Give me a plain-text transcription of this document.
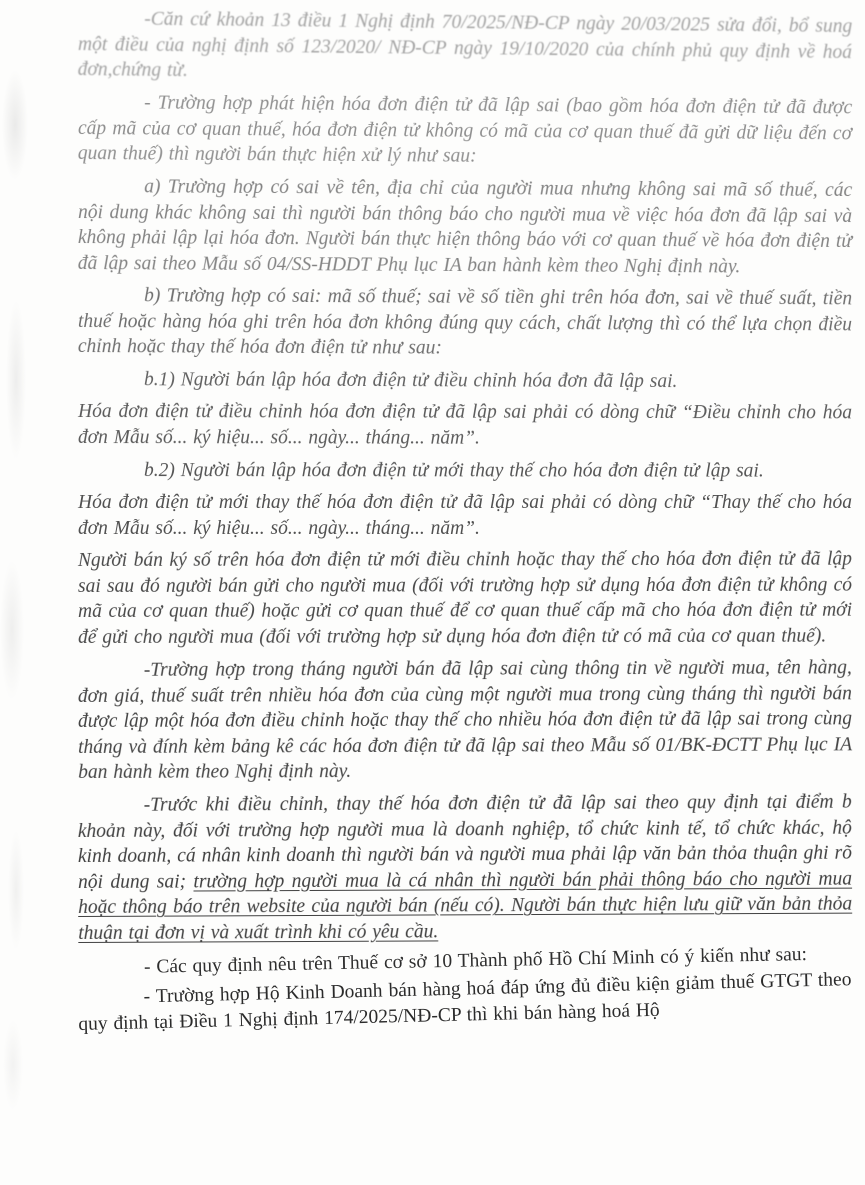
-Căn cứ khoản 13 điều 1 Nghị định 70/2025/NĐ-CP ngày 20/03/2025 sửa đổi, bổ sung một điều của nghị định số 123/2020/ NĐ-CP ngày 19/10/2020 của chính phủ quy định về hoá đơn,chứng từ.

- Trường hợp phát hiện hóa đơn điện tử đã lập sai (bao gồm hóa đơn điện tử đã được cấp mã của cơ quan thuế, hóa đơn điện tử không có mã của cơ quan thuế đã gửi dữ liệu đến cơ quan thuế) thì người bán thực hiện xử lý như sau:

a) Trường hợp có sai về tên, địa chỉ của người mua nhưng không sai mã số thuế, các nội dung khác không sai thì người bán thông báo cho người mua về việc hóa đơn đã lập sai và không phải lập lại hóa đơn. Người bán thực hiện thông báo với cơ quan thuế về hóa đơn điện tử đã lập sai theo Mẫu số 04/SS-HDDT Phụ lục IA ban hành kèm theo Nghị định này.

b) Trường hợp có sai: mã số thuế; sai về số tiền ghi trên hóa đơn, sai về thuế suất, tiền thuế hoặc hàng hóa ghi trên hóa đơn không đúng quy cách, chất lượng thì có thể lựa chọn điều chỉnh hoặc thay thế hóa đơn điện tử như sau:

b.1) Người bán lập hóa đơn điện tử điều chỉnh hóa đơn đã lập sai.

Hóa đơn điện tử điều chỉnh hóa đơn điện tử đã lập sai phải có dòng chữ “Điều chỉnh cho hóa đơn Mẫu số... ký hiệu... số... ngày... tháng... năm”.

b.2) Người bán lập hóa đơn điện tử mới thay thế cho hóa đơn điện tử lập sai.

Hóa đơn điện tử mới thay thế hóa đơn điện tử đã lập sai phải có dòng chữ “Thay thế cho hóa đơn Mẫu số... ký hiệu... số... ngày... tháng... năm”.

Người bán ký số trên hóa đơn điện tử mới điều chỉnh hoặc thay thế cho hóa đơn điện tử đã lập sai sau đó người bán gửi cho người mua (đối với trường hợp sử dụng hóa đơn điện tử không có mã của cơ quan thuế) hoặc gửi cơ quan thuế để cơ quan thuế cấp mã cho hóa đơn điện tử mới để gửi cho người mua (đối với trường hợp sử dụng hóa đơn điện tử có mã của cơ quan thuế).

-Trường hợp trong tháng người bán đã lập sai cùng thông tin về người mua, tên hàng, đơn giá, thuế suất trên nhiều hóa đơn của cùng một người mua trong cùng tháng thì người bán được lập một hóa đơn điều chỉnh hoặc thay thế cho nhiều hóa đơn điện tử đã lập sai trong cùng tháng và đính kèm bảng kê các hóa đơn điện tử đã lập sai theo Mẫu số 01/BK-ĐCTT Phụ lục IA ban hành kèm theo Nghị định này.

-Trước khi điều chỉnh, thay thế hóa đơn điện tử đã lập sai theo quy định tại điểm b khoản này, đối với trường hợp người mua là doanh nghiệp, tổ chức kinh tế, tổ chức khác, hộ kinh doanh, cá nhân kinh doanh thì người bán và người mua phải lập văn bản thỏa thuận ghi rõ nội dung sai; trường hợp người mua là cá nhân thì người bán phải thông báo cho người mua hoặc thông báo trên website của người bán (nếu có). Người bán thực hiện lưu giữ văn bản thỏa thuận tại đơn vị và xuất trình khi có yêu cầu.

- Các quy định nêu trên Thuế cơ sở 10 Thành phố Hồ Chí Minh có ý kiến như sau:

- Trường hợp Hộ Kinh Doanh bán hàng hoá đáp ứng đủ điều kiện giảm thuế GTGT theo quy định tại Điều 1 Nghị định 174/2025/NĐ-CP thì khi bán hàng hoá Hộ
